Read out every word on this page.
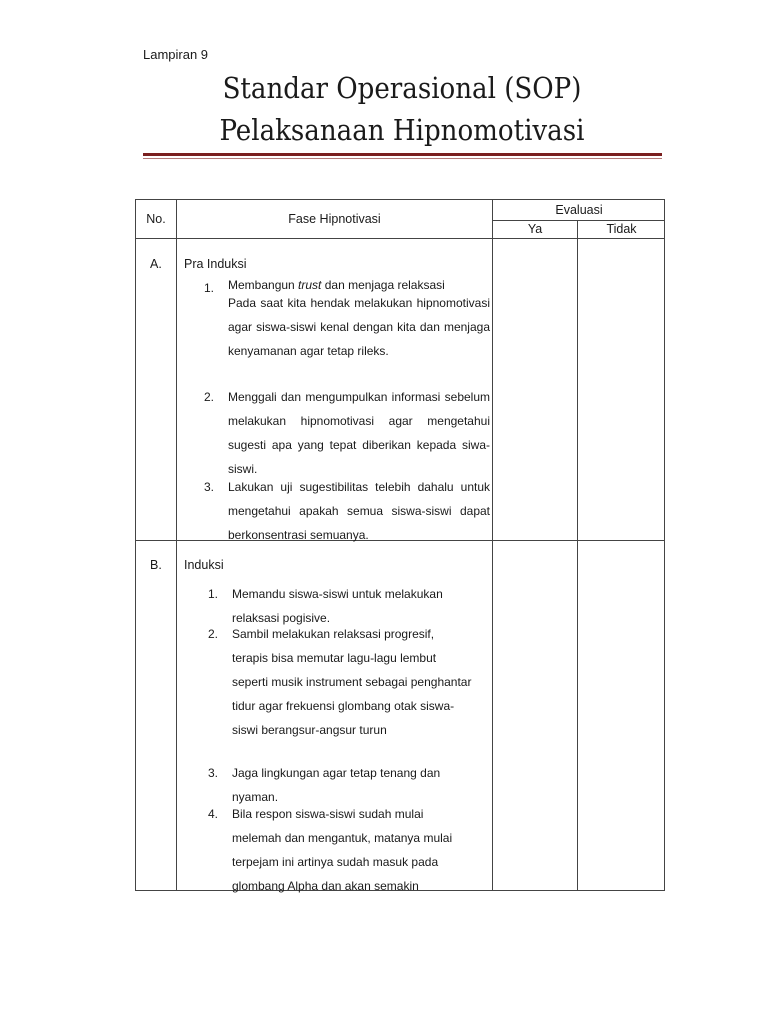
Lampiran 9
Standar Operasional (SOP)
Pelaksanaan Hipnomotivasi
No.	Fase Hipnotivasi
Evaluasi
Ya	Tidak
A. Pra Induksi
1. Membangun trust dan menjaga relaksasi
Pada saat kita hendak melakukan hipnomotivasi agar siswa-siswi kenal dengan kita dan menjaga kenyamanan agar tetap rileks.
2. Menggali dan mengumpulkan informasi sebelum melakukan hipnomotivasi agar mengetahui sugesti apa yang tepat diberikan kepada siwa-siswi.
3. Lakukan uji sugestibilitas telebih dahalu untuk mengetahui apakah semua siswa-siswi dapat berkonsentrasi semuanya.
B. Induksi
1. Memandu siswa-siswi untuk melakukan relaksasi pogisive.
2. Sambil melakukan relaksasi progresif, terapis bisa memutar lagu-lagu lembut seperti musik instrument sebagai penghantar tidur agar frekuensi glombang otak siswa-siswi berangsur-angsur turun
3. Jaga lingkungan agar tetap tenang dan nyaman.
4. Bila respon siswa-siswi sudah mulai melemah dan mengantuk, matanya mulai terpejam ini artinya sudah masuk pada glombang Alpha dan akan semakin
